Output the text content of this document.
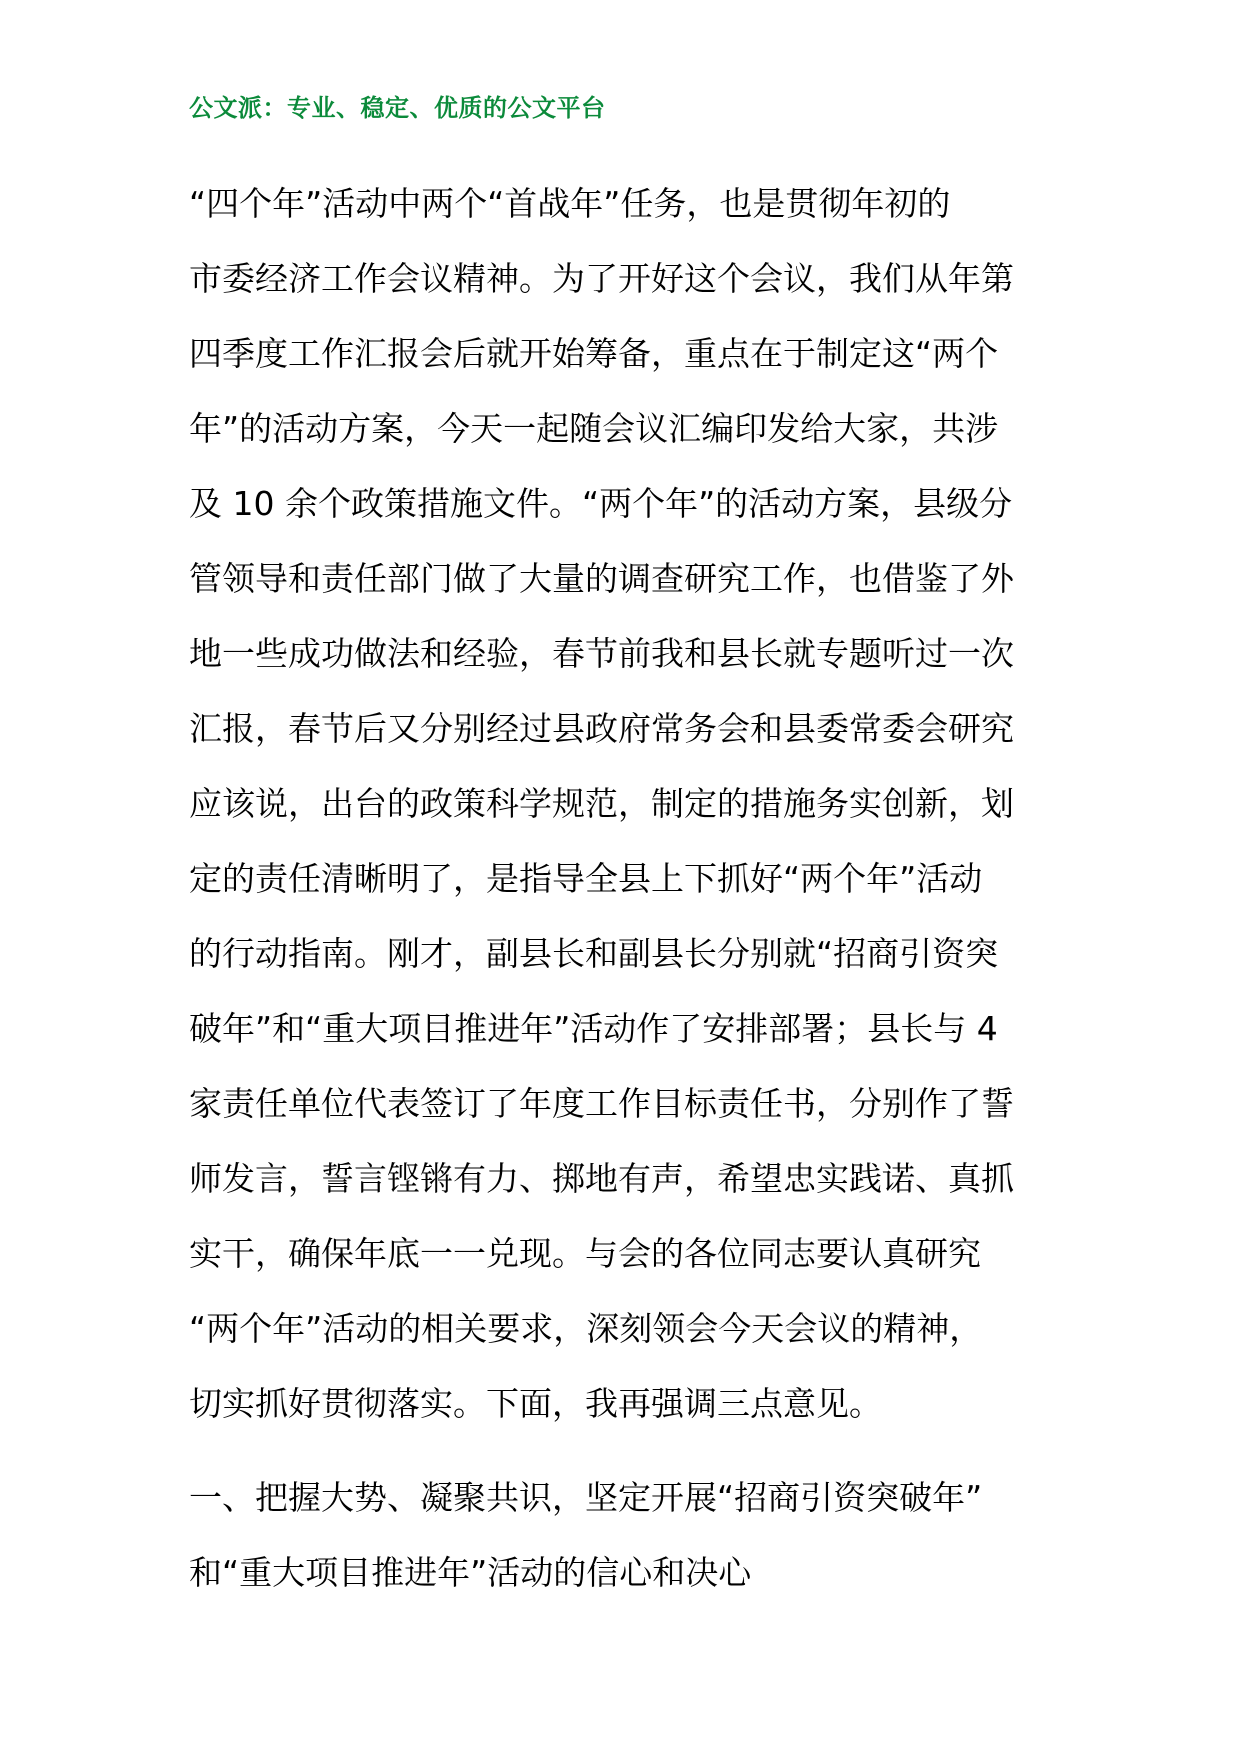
公文派：专业、稳定、优质的公文平台
“四个年”活动中两个“首战年”任务，也是贯彻年初的
市委经济工作会议精神。为了开好这个会议，我们从年第
四季度工作汇报会后就开始筹备，重点在于制定这“两个
年”的活动方案，今天一起随会议汇编印发给大家，共涉
及 10 余个政策措施文件。“两个年”的活动方案，县级分
管领导和责任部门做了大量的调查研究工作，也借鉴了外
地一些成功做法和经验，春节前我和县长就专题听过一次
汇报，春节后又分别经过县政府常务会和县委常委会研究
应该说，出台的政策科学规范，制定的措施务实创新，划
定的责任清晰明了，是指导全县上下抓好“两个年”活动
的行动指南。刚才，副县长和副县长分别就“招商引资突
破年”和“重大项目推进年”活动作了安排部署；县长与 4
家责任单位代表签订了年度工作目标责任书，分别作了誓
师发言，誓言铿锵有力、掷地有声，希望忠实践诺、真抓
实干，确保年底一一兑现。与会的各位同志要认真研究
“两个年”活动的相关要求，深刻领会今天会议的精神，
切实抓好贯彻落实。下面，我再强调三点意见。
一、把握大势、凝聚共识，坚定开展“招商引资突破年”
和“重大项目推进年”活动的信心和决心
